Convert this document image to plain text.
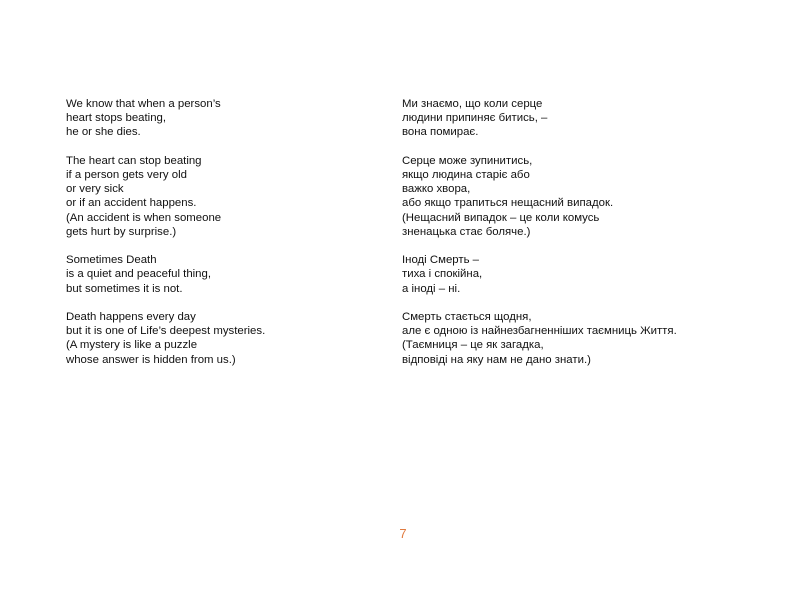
We know that when a person’s
heart stops beating,
he or she dies.
The heart can stop beating
if a person gets very old
or very sick
or if an accident happens.
(An accident is when someone
gets hurt by surprise.)
Sometimes Death
is a quiet and peaceful thing,
but sometimes it is not.
Death happens every day
but it is one of Life’s deepest mysteries.
(A mystery is like a puzzle
whose answer is hidden from us.)
Ми знаємо, що коли серце
людини припиняє битись, –
вона помирає.
Серце може зупинитись,
якщо людина старіє або
важко хвора,
або якщо трапиться нещасний випадок.
(Нещасний випадок – це коли комусь
зненацька стає боляче.)
Іноді Смерть –
тиха і спокійна,
а іноді – ні.
Смерть стається щодня,
але є одною із найнезбагненніших таємниць Життя.
(Таємниця – це як загадка,
відповіді на яку нам не дано знати.)
7
